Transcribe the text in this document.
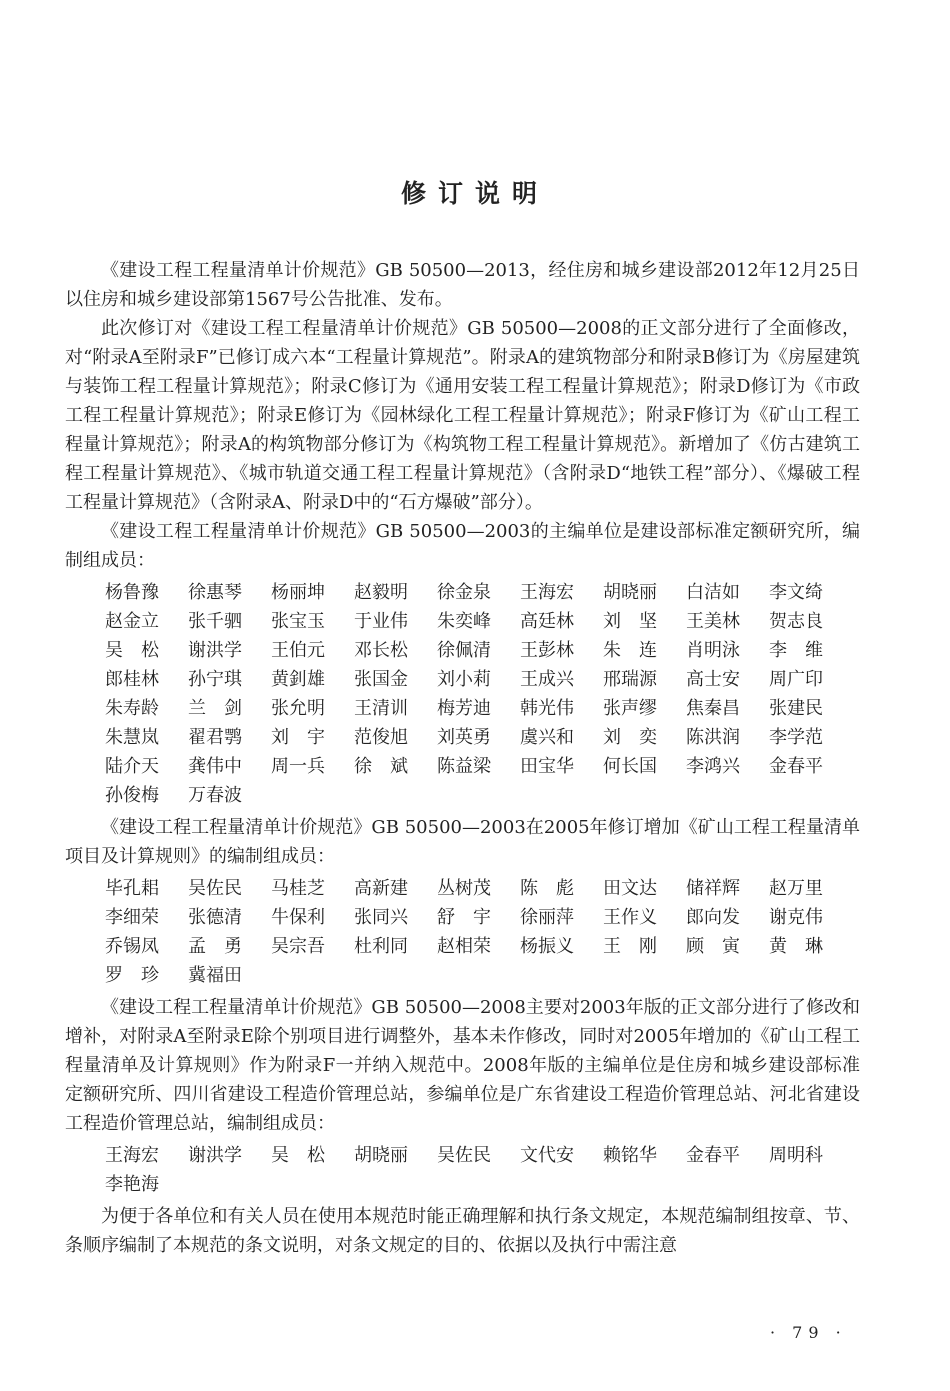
修订说明

《建设工程工程量清单计价规范》GB 50500—2013，经住房和城乡建设部2012年12月25日以住房和城乡建设部第1567号公告批准、发布。

此次修订对《建设工程工程量清单计价规范》GB 50500—2008的正文部分进行了全面修改，对“附录A至附录F”已修订成六本“工程量计算规范”。附录A的建筑物部分和附录B修订为《房屋建筑与装饰工程工程量计算规范》；附录C修订为《通用安装工程工程量计算规范》；附录D修订为《市政工程工程量计算规范》；附录E修订为《园林绿化工程工程量计算规范》；附录F修订为《矿山工程工程量计算规范》；附录A的构筑物部分修订为《构筑物工程工程量计算规范》。新增加了《仿古建筑工程工程量计算规范》、《城市轨道交通工程工程量计算规范》（含附录D“地铁工程”部分）、《爆破工程工程量计算规范》（含附录A、附录D中的“石方爆破”部分）。

《建设工程工程量清单计价规范》GB 50500—2003的主编单位是建设部标准定额研究所，编制组成员：

杨鲁豫	徐惠琴	杨丽坤	赵毅明	徐金泉	王海宏	胡晓丽	白洁如	李文绮
赵金立	张千驷	张宝玉	于业伟	朱奕峰	高廷林	刘　坚	王美林	贺志良
吴　松	谢洪学	王伯元	邓长松	徐佩清	王彭林	朱　连	肖明泳	李　维
郎桂林	孙宁琪	黄釗雄	张国金	刘小莉	王成兴	邢瑞源	高士安	周广印
朱寿龄	兰　剑	张允明	王清训	梅芳迪	韩光伟	张声缪	焦秦昌	张建民
朱慧岚	翟君鹗	刘　宇	范俊旭	刘英勇	虞兴和	刘　奕	陈洪润	李学范
陆介天	龚伟中	周一兵	徐　斌	陈益梁	田宝华	何长国	李鸿兴	金春平
孙俊梅	万春波

《建设工程工程量清单计价规范》GB 50500—2003在2005年修订增加《矿山工程工程量清单项目及计算规则》的编制组成员：

毕孔耜	吴佐民	马桂芝	高新建	丛树茂	陈　彪	田文达	储祥辉	赵万里
李细荣	张德清	牛保利	张同兴	舒　宇	徐丽萍	王作义	郎向发	谢克伟
乔锡凤	孟　勇	吴宗吾	杜利同	赵相荣	杨振义	王　刚	顾　寅	黄　琳
罗　珍	冀福田

《建设工程工程量清单计价规范》GB 50500—2008主要对2003年版的正文部分进行了修改和增补，对附录A至附录E除个别项目进行调整外，基本未作修改，同时对2005年增加的《矿山工程工程量清单及计算规则》作为附录F一并纳入规范中。2008年版的主编单位是住房和城乡建设部标准定额研究所、四川省建设工程造价管理总站，参编单位是广东省建设工程造价管理总站、河北省建设工程造价管理总站，编制组成员：

王海宏	谢洪学	吴　松	胡晓丽	吴佐民	文代安	赖铭华	金春平	周明科
李艳海

为便于各单位和有关人员在使用本规范时能正确理解和执行条文规定，本规范编制组按章、节、条顺序编制了本规范的条文说明，对条文规定的目的、依据以及执行中需注意

· 79 ·
